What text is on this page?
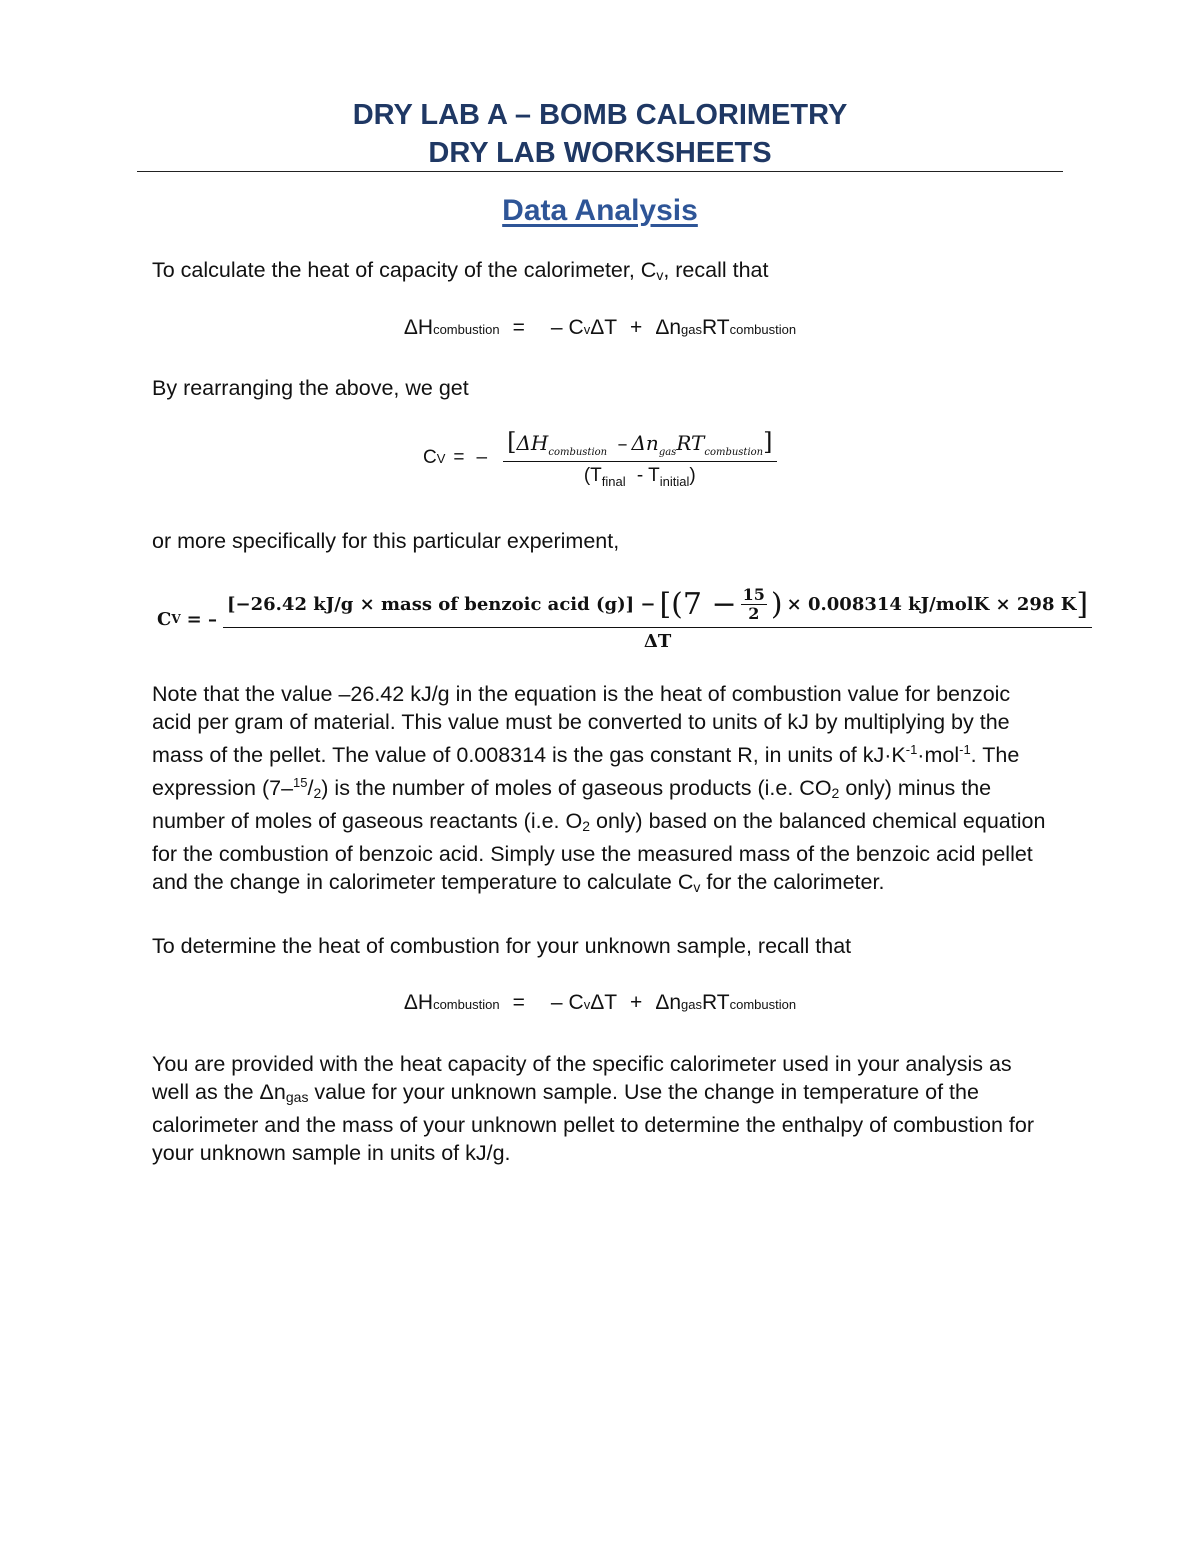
DRY LAB A – BOMB CALORIMETRY
DRY LAB WORKSHEETS
Data Analysis
To calculate the heat of capacity of the calorimeter, $C_v$, recall that
ΔH combustion = – C v ΔT + Δn gas RT combustion
By rearranging the above, we get
C V = – $\frac{[\Delta H_{combustion} - \Delta n_{gas}RT_{combustion}]}{(T_{final} - T_{initial})}$
or more specifically for this particular experiment,
C V = –
[−26.42 kJ/g × mass of benzoic acid $(g)] - [(7 - \frac{15}{2}$ ) × 0.008314 kJ/molK × 298 K ]
ΔT
Note that the value –26.42 kJ/g in the equation is the heat of combustion value for benzoic acid per gram of material. This value must be converted to units of kJ by multiplying by the mass of the pellet. The value of 0.008314 is the gas constant R, in units of $kJ\cdot K^{-1}\cdot mol^{-1}$. The expression $(7-^{15}/_2)$ is the number of moles of gaseous products (i.e. $CO_2$ only) minus the number of moles of gaseous reactants (i.e. $O_2$ only) based on the balanced chemical equation for the combustion of benzoic acid. Simply use the measured mass of the benzoic acid pellet and the change in calorimeter temperature to calculate $C_v$ for the calorimeter.
To determine the heat of combustion for your unknown sample, recall that
ΔH combustion = – C v ΔT + Δn gas RT combustion
You are provided with the heat capacity of the specific calorimeter used in your analysis as well as the $\Delta n_{gas}$ value for your unknown sample. Use the change in temperature of the calorimeter and the mass of your unknown pellet to determine the enthalpy of combustion for your unknown sample in units of kJ/g.
